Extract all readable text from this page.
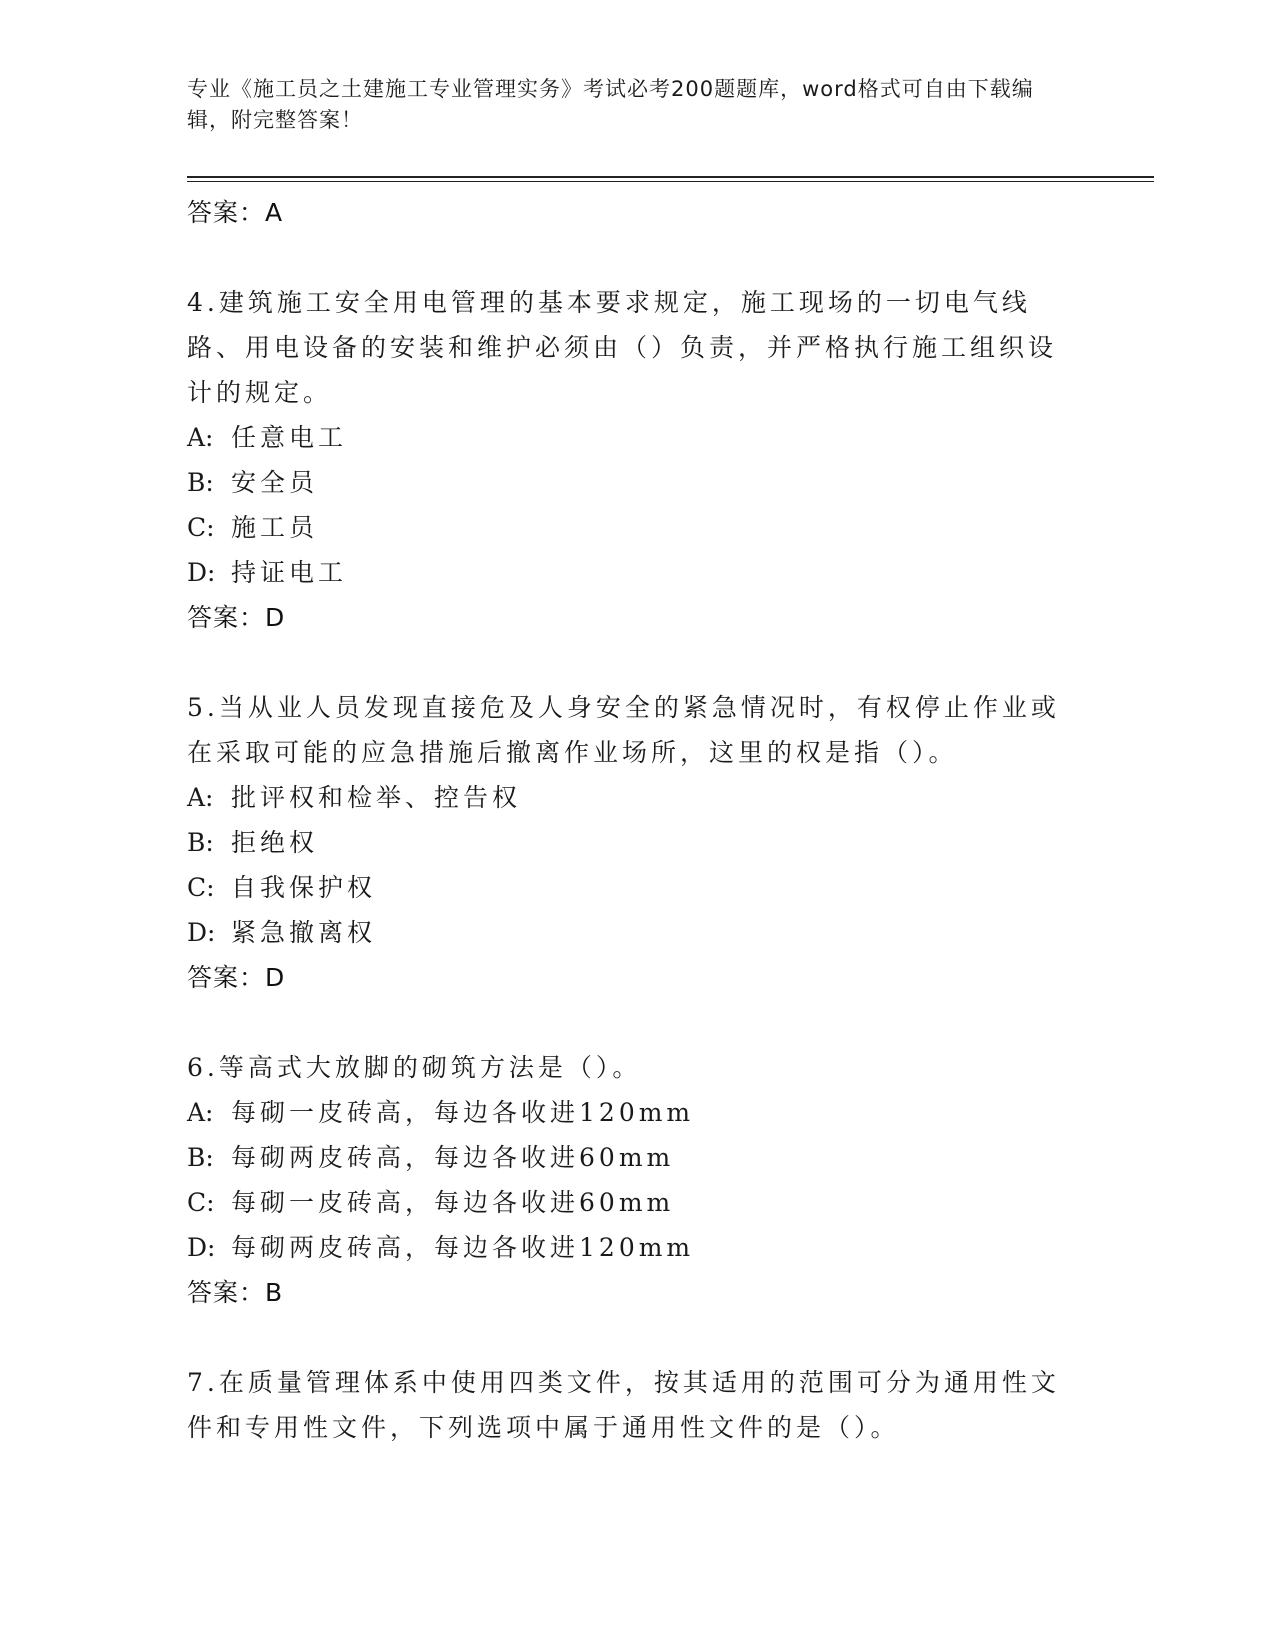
专业《施工员之土建施工专业管理实务》考试必考200题题库，word格式可自由下载编辑，附完整答案！
答案：A
4.建筑施工安全用电管理的基本要求规定，施工现场的一切电气线路、用电设备的安装和维护必须由（）负责，并严格执行施工组织设计的规定。
A: 任意电工
B: 安全员
C: 施工员
D: 持证电工
答案：D
5.当从业人员发现直接危及人身安全的紧急情况时，有权停止作业或在采取可能的应急措施后撤离作业场所，这里的权是指（）。
A: 批评权和检举、控告权
B: 拒绝权
C: 自我保护权
D: 紧急撤离权
答案：D
6.等高式大放脚的砌筑方法是（）。
A: 每砌一皮砖高，每边各收进120mm
B: 每砌两皮砖高，每边各收进60mm
C: 每砌一皮砖高，每边各收进60mm
D: 每砌两皮砖高，每边各收进120mm
答案：B
7.在质量管理体系中使用四类文件，按其适用的范围可分为通用性文件和专用性文件，下列选项中属于通用性文件的是（）。
